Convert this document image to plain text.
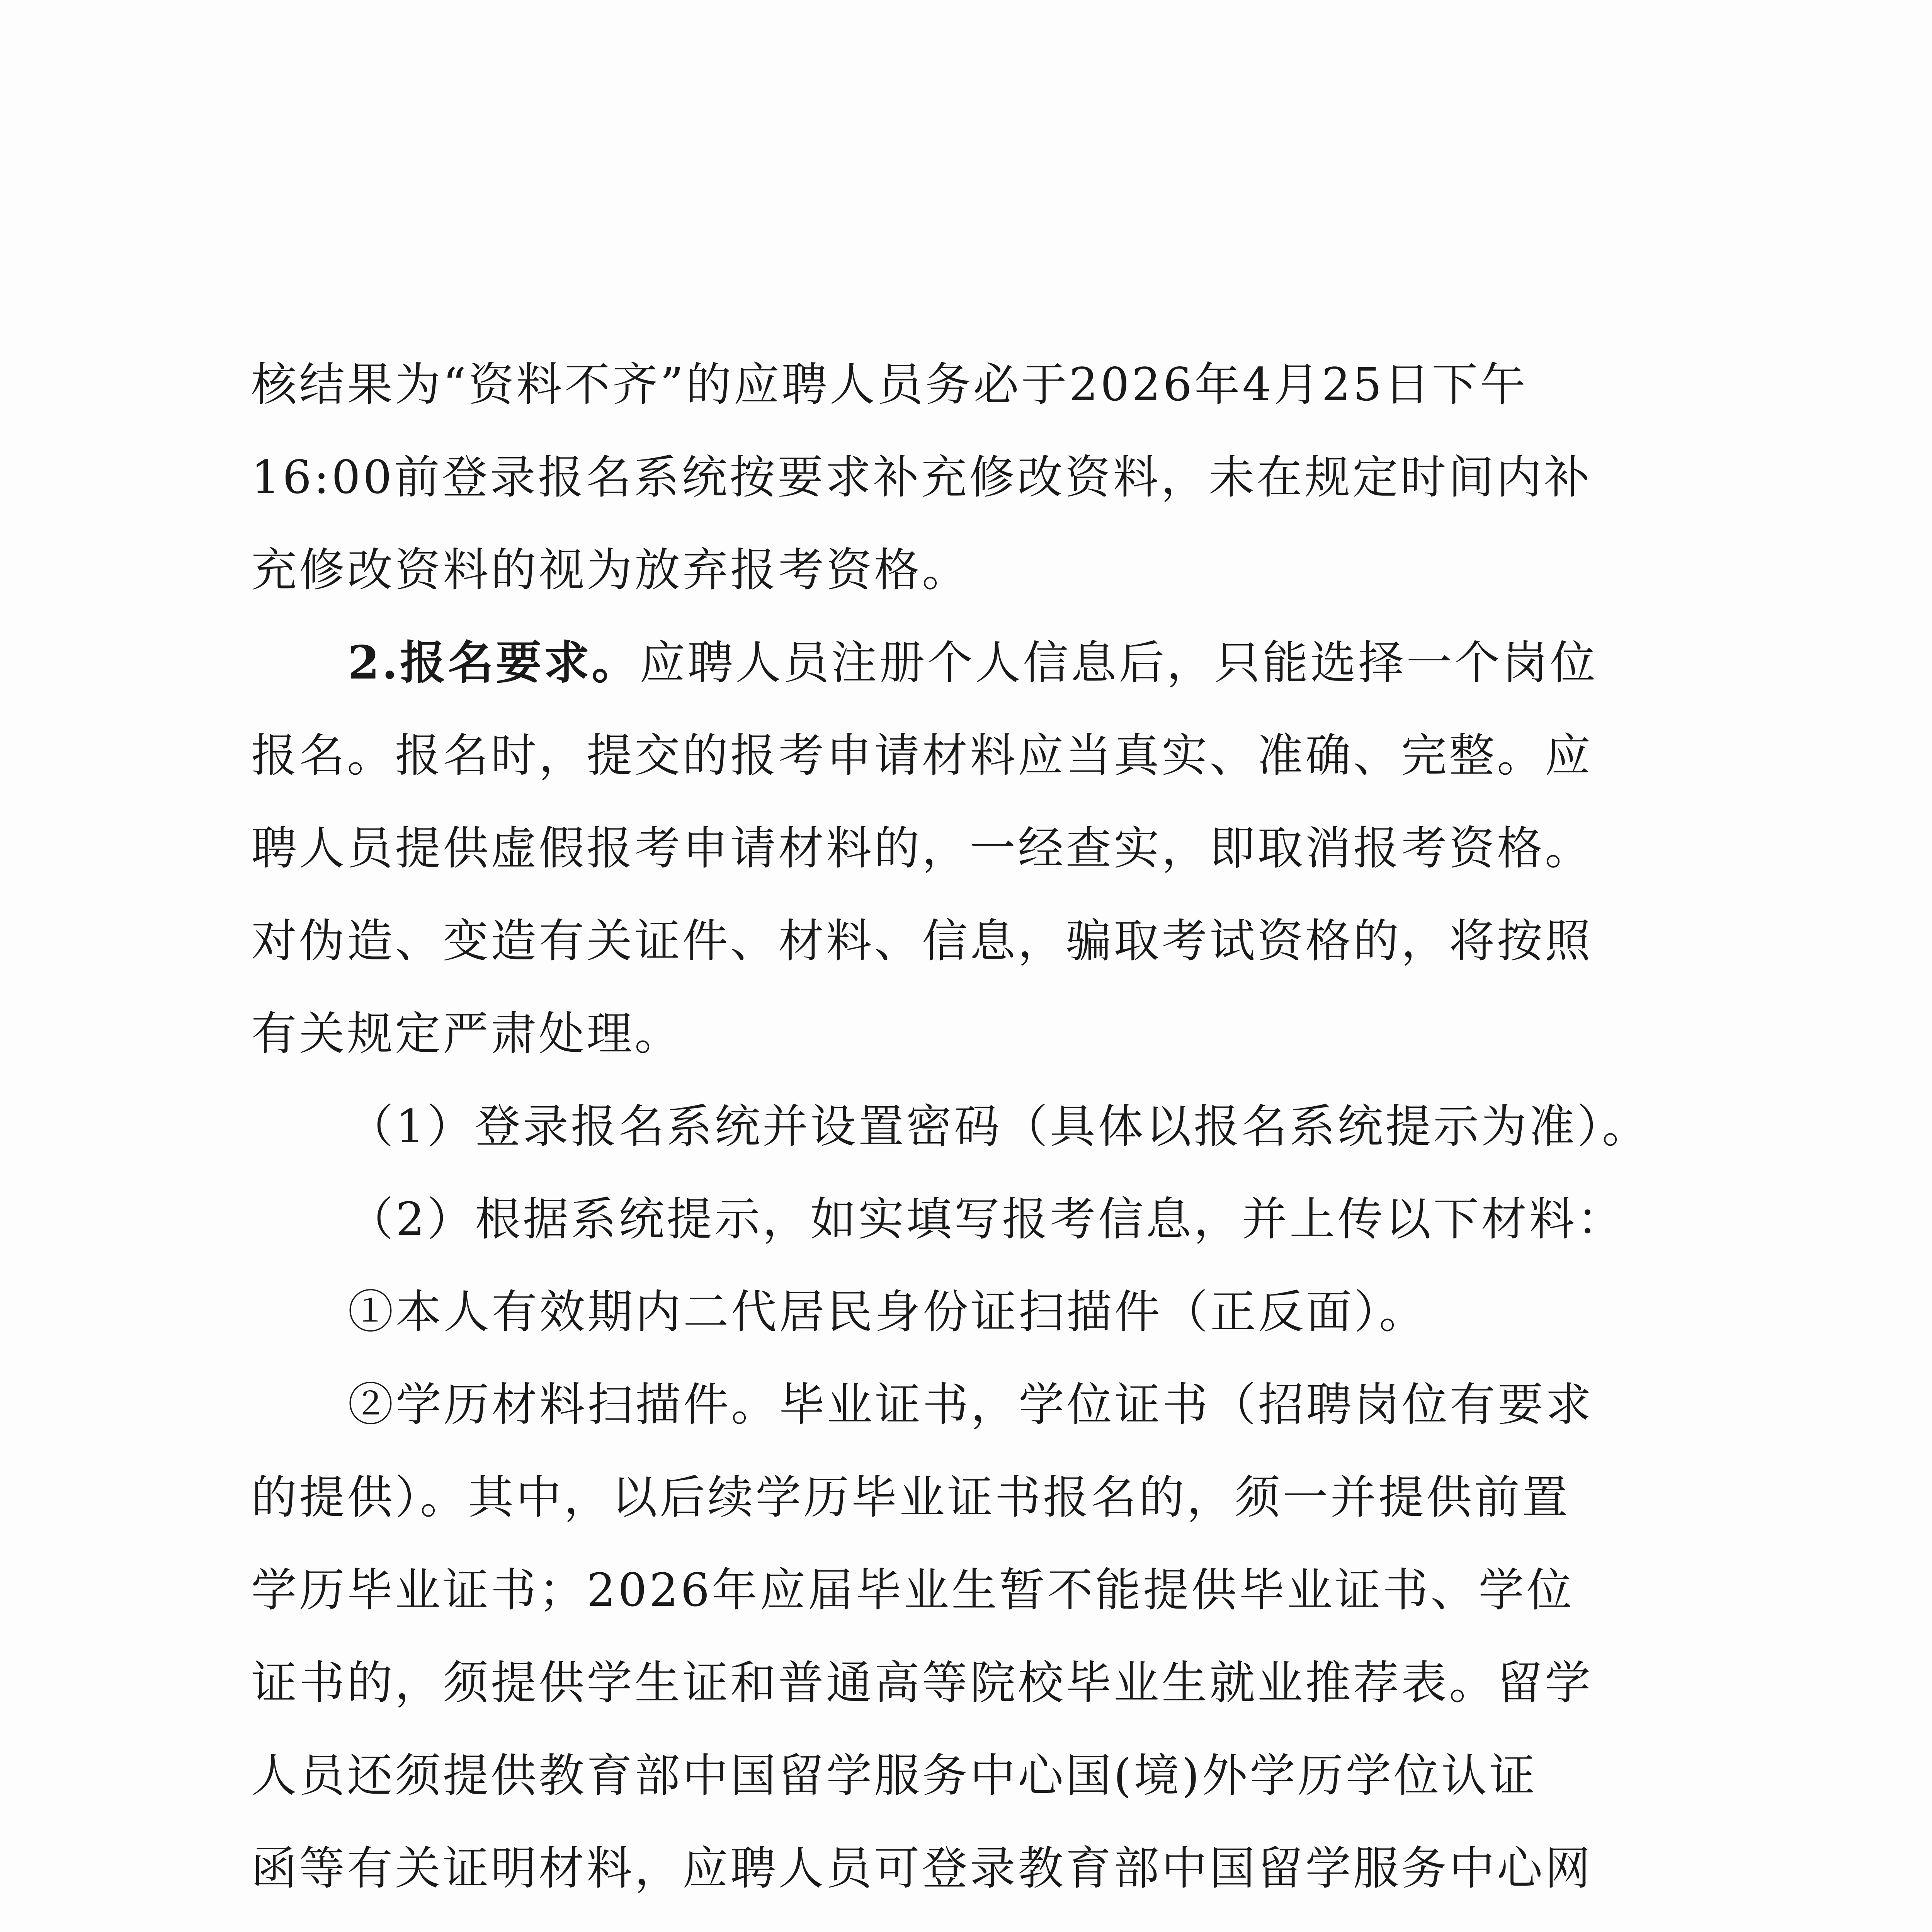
核结果为“资料不齐”的应聘人员务必于2026年4月25日下午
16:00前登录报名系统按要求补充修改资料，未在规定时间内补
充修改资料的视为放弃报考资格。
2.报名要求。应聘人员注册个人信息后，只能选择一个岗位
报名。报名时，提交的报考申请材料应当真实、准确、完整。应
聘人员提供虚假报考申请材料的，一经查实，即取消报考资格。
对伪造、变造有关证件、材料、信息，骗取考试资格的，将按照
有关规定严肃处理。
（1）登录报名系统并设置密码（具体以报名系统提示为准）。
（2）根据系统提示，如实填写报考信息，并上传以下材料：
①本人有效期内二代居民身份证扫描件（正反面）。
②学历材料扫描件。毕业证书，学位证书（招聘岗位有要求
的提供）。其中，以后续学历毕业证书报名的，须一并提供前置
学历毕业证书；2026年应届毕业生暂不能提供毕业证书、学位
证书的，须提供学生证和普通高等院校毕业生就业推荐表。留学
人员还须提供教育部中国留学服务中心国(境)外学历学位认证
函等有关证明材料，应聘人员可登录教育部中国留学服务中心网
